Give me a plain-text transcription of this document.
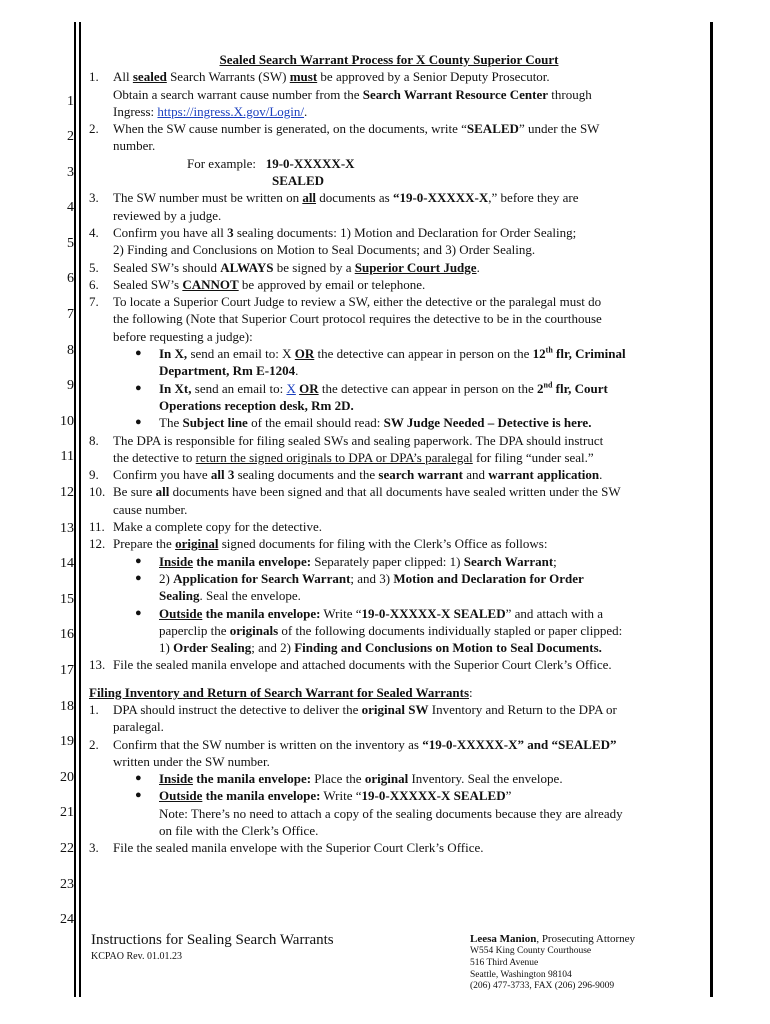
1
2
3
4
5
6
7
8
9
10
11
12
13
14
15
16
17
18
19
20
21
22
23
24
Sealed Search Warrant Process for X County Superior Court
1. All sealed Search Warrants (SW) must be approved by a Senior Deputy Prosecutor.
Obtain a search warrant cause number from the Search Warrant Resource Center through
Ingress: https://ingress.X.gov/Login/.
2. When the SW cause number is generated, on the documents, write “SEALED” under the SW
number.
For example: 19-0-XXXXX-X
SEALED
3. The SW number must be written on all documents as “19-0-XXXXX-X,” before they are
reviewed by a judge.
4. Confirm you have all 3 sealing documents: 1) Motion and Declaration for Order Sealing;
2) Finding and Conclusions on Motion to Seal Documents; and 3) Order Sealing.
5. Sealed SW’s should ALWAYS be signed by a Superior Court Judge.
6. Sealed SW’s CANNOT be approved by email or telephone.
7. To locate a Superior Court Judge to review a SW, either the detective or the paralegal must do
the following (Note that Superior Court protocol requires the detective to be in the courthouse
before requesting a judge):
● In X, send an email to: X OR the detective can appear in person on the 12th flr, Criminal
Department, Rm E-1204.
● In Xt, send an email to: X OR the detective can appear in person on the 2nd flr, Court
Operations reception desk, Rm 2D.
● The Subject line of the email should read: SW Judge Needed – Detective is here.
8. The DPA is responsible for filing sealed SWs and sealing paperwork. The DPA should instruct
the detective to return the signed originals to DPA or DPA’s paralegal for filing “under seal.”
9. Confirm you have all 3 sealing documents and the search warrant and warrant application.
10. Be sure all documents have been signed and that all documents have sealed written under the SW
cause number.
11. Make a complete copy for the detective.
12. Prepare the original signed documents for filing with the Clerk’s Office as follows:
● Inside the manila envelope: Separately paper clipped: 1) Search Warrant;
● 2) Application for Search Warrant; and 3) Motion and Declaration for Order
Sealing. Seal the envelope.
● Outside the manila envelope: Write “19-0-XXXXX-X SEALED” and attach with a
paperclip the originals of the following documents individually stapled or paper clipped:
1) Order Sealing; and 2) Finding and Conclusions on Motion to Seal Documents.
13. File the sealed manila envelope and attached documents with the Superior Court Clerk’s Office.
Filing Inventory and Return of Search Warrant for Sealed Warrants:
1. DPA should instruct the detective to deliver the original SW Inventory and Return to the DPA or
paralegal.
2. Confirm that the SW number is written on the inventory as “19-0-XXXXX-X” and “SEALED”
written under the SW number.
● Inside the manila envelope: Place the original Inventory. Seal the envelope.
● Outside the manila envelope: Write “19-0-XXXXX-X SEALED”
Note: There’s no need to attach a copy of the sealing documents because they are already
on file with the Clerk’s Office.
3. File the sealed manila envelope with the Superior Court Clerk’s Office.
Instructions for Sealing Search Warrants
KCPAO Rev. 01.01.23
Leesa Manion, Prosecuting Attorney
W554 King County Courthouse
516 Third Avenue
Seattle, Washington 98104
(206) 477-3733, FAX (206) 296-9009
